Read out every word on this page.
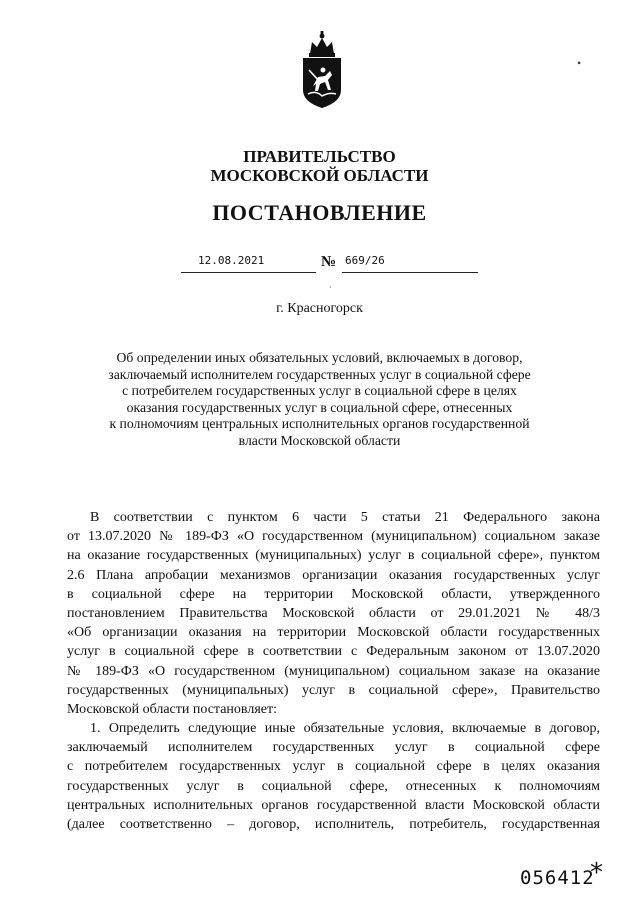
•
ПРАВИТЕЛЬСТВО
МОСКОВСКОЙ ОБЛАСТИ
ПОСТАНОВЛЕНИЕ
12.08.2021	№ 669/26
·
г. Красногорск
Об определении иных обязательных условий, включаемых в договор,
заключаемый исполнителем государственных услуг в социальной сфере
с потребителем государственных услуг в социальной сфере в целях
оказания государственных услуг в социальной сфере, отнесенных
к полномочиям центральных исполнительных органов государственной
власти Московской области
В соответствии с пунктом 6 части 5 статьи 21 Федерального закона
от 13.07.2020 № 189-ФЗ «О государственном (муниципальном) социальном заказе
на оказание государственных (муниципальных) услуг в социальной сфере», пунктом
2.6 Плана апробации механизмов организации оказания государственных услуг
в социальной сфере на территории Московской области, утвержденного
постановлением Правительства Московской области от 29.01.2021 № 48/3
«Об организации оказания на территории Московской области государственных
услуг в социальной сфере в соответствии с Федеральным законом от 13.07.2020
№ 189-ФЗ «О государственном (муниципальном) социальном заказе на оказание
государственных (муниципальных) услуг в социальной сфере», Правительство
Московской области постановляет:
1. Определить следующие иные обязательные условия, включаемые в договор,
заключаемый исполнителем государственных услуг в социальной сфере
с потребителем государственных услуг в социальной сфере в целях оказания
государственных услуг в социальной сфере, отнесенных к полномочиям
центральных исполнительных органов государственной власти Московской области
(далее соответственно – договор, исполнитель, потребитель, государственная
056412
*
